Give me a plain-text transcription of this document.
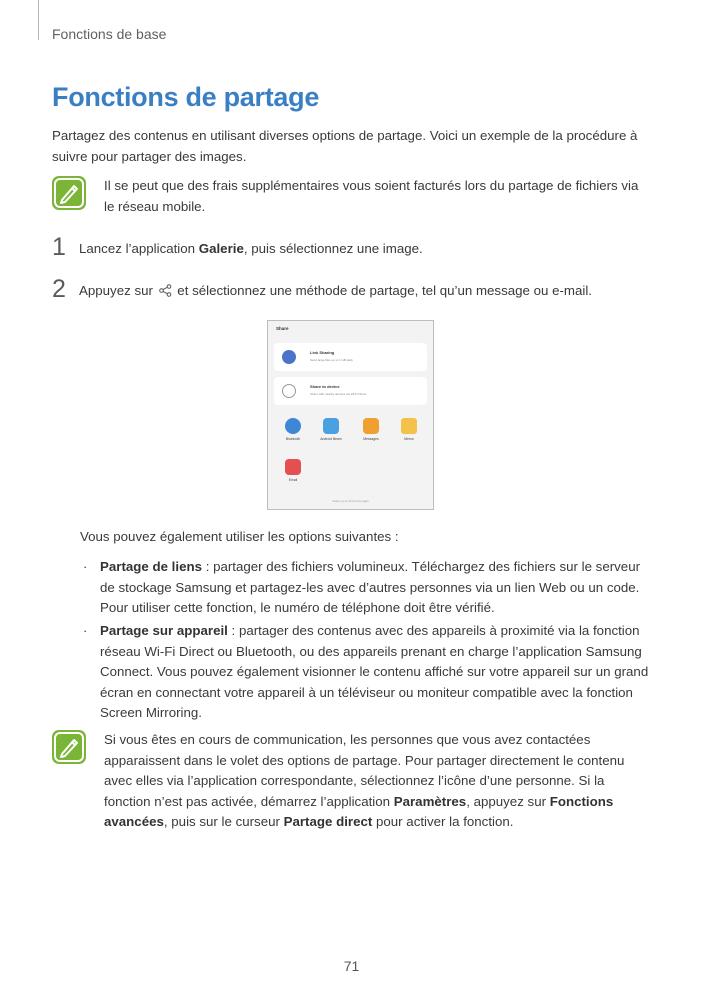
Fonctions de base
Fonctions de partage
Partagez des contenus en utilisant diverses options de partage. Voici un exemple de la procédure à suivre pour partager des images.
Il se peut que des frais supplémentaires vous soient facturés lors du partage de fichiers via le réseau mobile.
1 Lancez l’application Galerie, puis sélectionnez une image.
2 Appuyez sur  et sélectionnez une méthode de partage, tel qu’un message ou e-mail.
Share
Link Sharing
Send large files up to 1 GB daily
Share to device
Share with nearby devices via Wi-Fi Direct
Bluetooth	Android Beam	Messages	Memo
Email
Swipe up to find more apps
Vous pouvez également utiliser les options suivantes :
· Partage de liens : partager des fichiers volumineux. Téléchargez des fichiers sur le serveur de stockage Samsung et partagez-les avec d’autres personnes via un lien Web ou un code. Pour utiliser cette fonction, le numéro de téléphone doit être vérifié.
· Partage sur appareil : partager des contenus avec des appareils à proximité via la fonction réseau Wi-Fi Direct ou Bluetooth, ou des appareils prenant en charge l’application Samsung Connect. Vous pouvez également visionner le contenu affiché sur votre appareil sur un grand écran en connectant votre appareil à un téléviseur ou moniteur compatible avec la fonction Screen Mirroring.
Si vous êtes en cours de communication, les personnes que vous avez contactées apparaissent dans le volet des options de partage. Pour partager directement le contenu avec elles via l’application correspondante, sélectionnez l’icône d’une personne. Si la fonction n’est pas activée, démarrez l’application Paramètres, appuyez sur Fonctions avancées, puis sur le curseur Partage direct pour activer la fonction.
71
